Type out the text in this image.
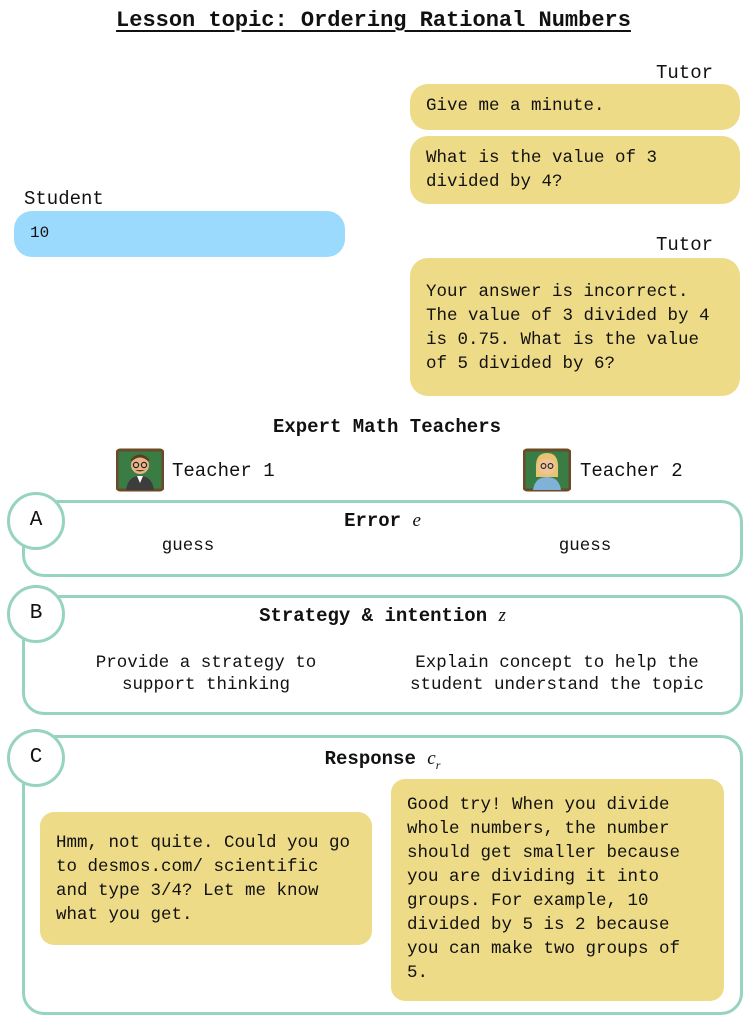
Lesson topic: Ordering Rational Numbers
Tutor
Give me a minute.
What is the value of 3 divided by 4?
Student
10
Tutor
Your answer is incorrect. The value of 3 divided by 4 is 0.75. What is the value of 5 divided by 6?
Expert Math Teachers
Teacher 1	Teacher 2
A	Error e
guess	guess
B	Strategy & intention z
Provide a strategy to support thinking
Explain concept to help the student understand the topic
C	Response $c_r$
Hmm, not quite. Could you go to desmos.com/ scientific and type 3/4? Let me know what you get.
Good try! When you divide whole numbers, the number should get smaller because you are dividing it into groups. For example, 10 divided by 5 is 2 because you can make two groups of 5.
